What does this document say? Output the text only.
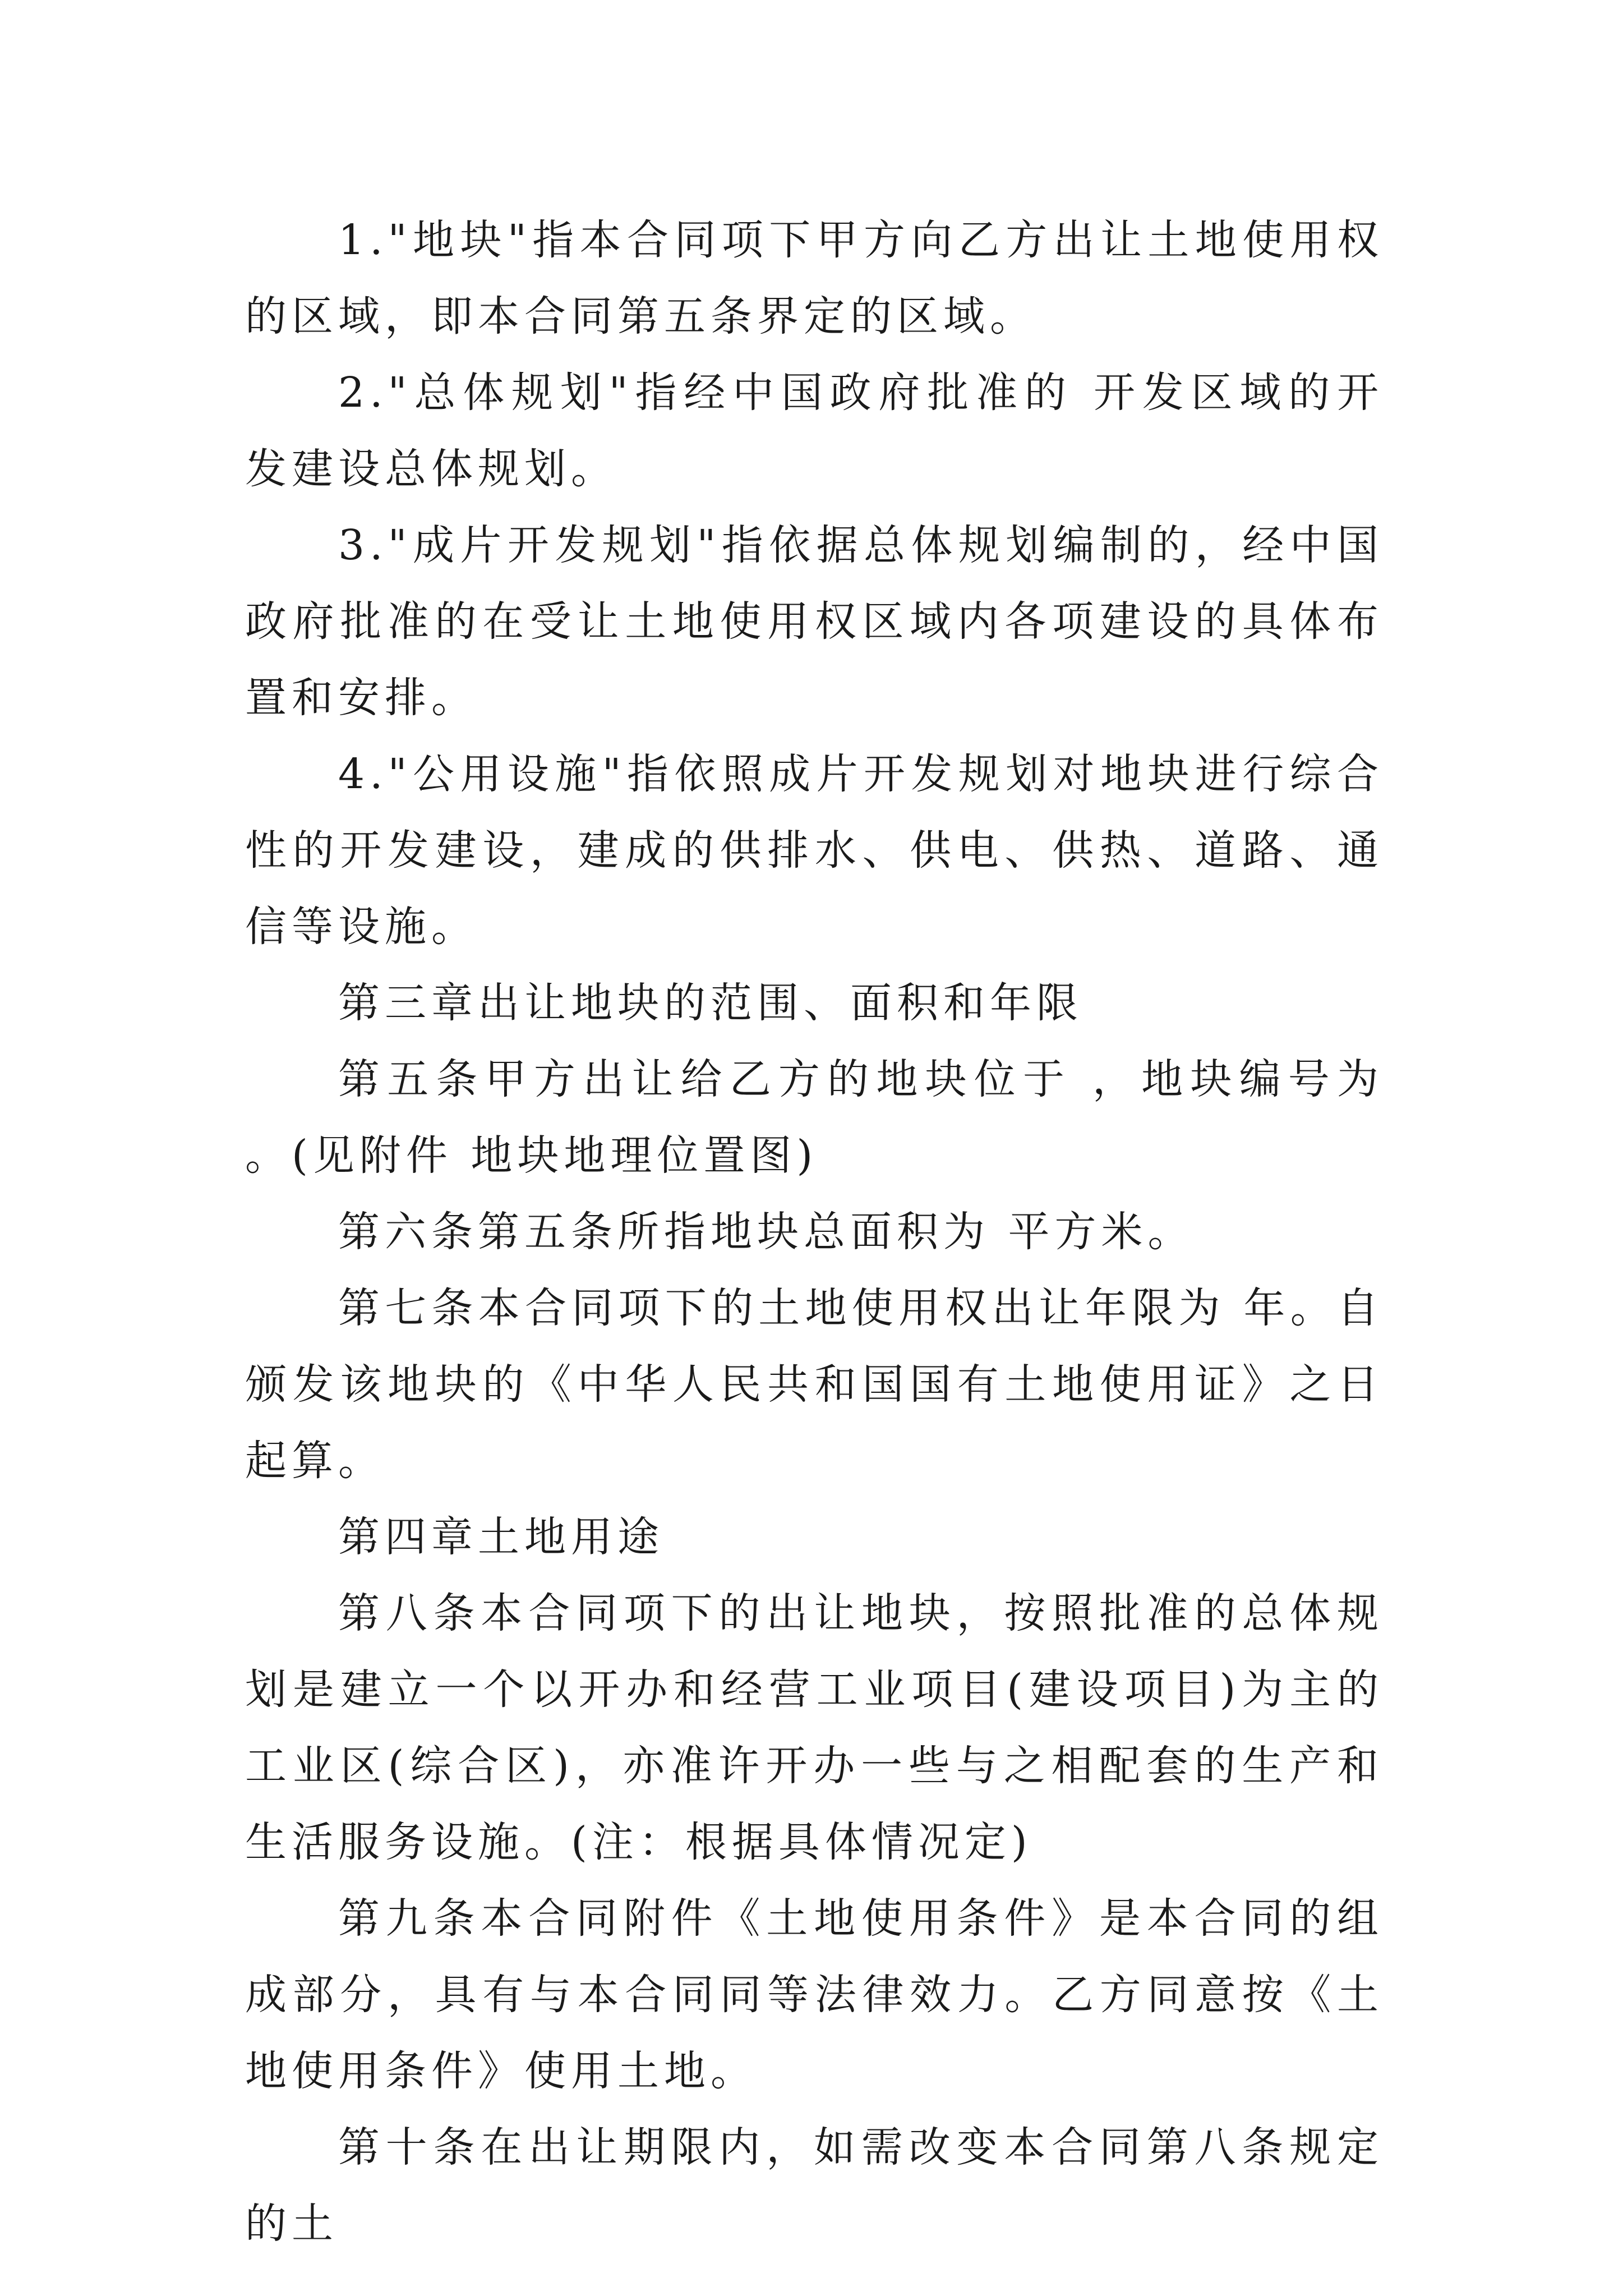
1."地块"指本合同项下甲方向乙方出让土地使用权的区域，即本合同第五条界定的区域。

2."总体规划"指经中国政府批准的 开发区域的开发建设总体规划。

3."成片开发规划"指依据总体规划编制的，经中国政府批准的在受让土地使用权区域内各项建设的具体布置和安排。

4."公用设施"指依照成片开发规划对地块进行综合性的开发建设，建成的供排水、供电、供热、道路、通信等设施。

第三章出让地块的范围、面积和年限

第五条甲方出让给乙方的地块位于 ，地块编号为 。(见附件 地块地理位置图)

第六条第五条所指地块总面积为 平方米。

第七条本合同项下的土地使用权出让年限为 年。自颁发该地块的《中华人民共和国国有土地使用证》之日起算。

第四章土地用途

第八条本合同项下的出让地块，按照批准的总体规划是建立一个以开办和经营工业项目(建设项目)为主的工业区(综合区)，亦准许开办一些与之相配套的生产和生活服务设施。(注：根据具体情况定)

第九条本合同附件《土地使用条件》是本合同的组成部分，具有与本合同同等法律效力。乙方同意按《土地使用条件》使用土地。

第十条在出让期限内，如需改变本合同第八条规定的土
